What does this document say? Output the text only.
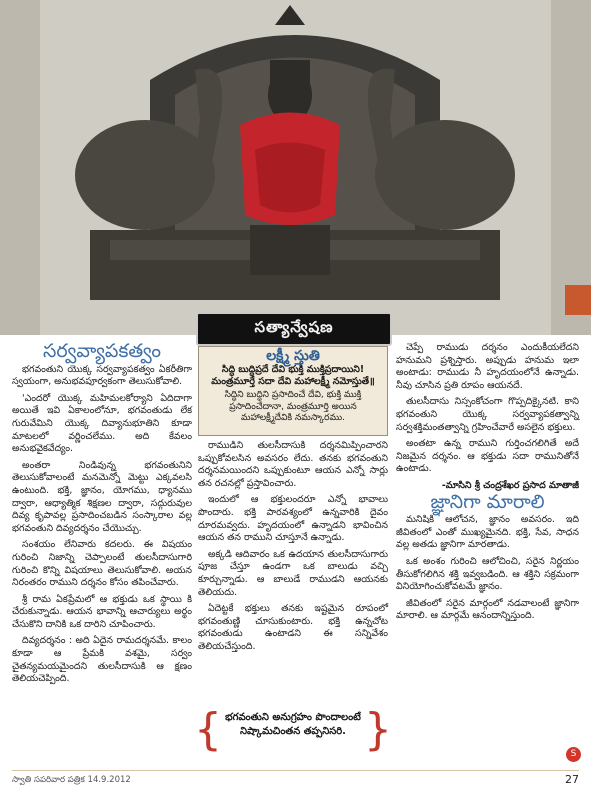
సత్యాన్వేషణ
సర్వవ్యాపకత్వం

భగవంతుని యొక్క సర్వవ్యాపకత్వం ఏకరీతిగా స్వయంగా, అనుభవపూర్వకంగా తెలుసుకోవాలి.

'ఎందరో యొక్క మహిమలకోర్యాని ఏదిదాగా అయితే ఇవి ఏకాలంలోనూ, భగవంతుడు లేక గురువేమిని యొక్క దివ్యానుభూతిని కూడా మాటలలో వర్ణించలేము. అది కేవలం అనుభవైకవేద్యం.

అంతరా నిండివున్న భగవంతునిని తెలుసుకోవాలంటే మనమెన్నో మెట్టు ఎక్కవలసి ఉంటుంది. భక్తి, జ్ఞానం, యోగము, ధ్యానము ద్వారా, ఆధ్యాత్మిక శిక్షణల ద్వారా, సద్గురువుల దివ్య కృపావల్ల ప్రసాదించబడిన సంస్కారాల వల్ల భగవంతుని దివ్యదర్శనం చేయొచ్చు.

సంశయం లేనివారు కదలరు. ఈ విషయం గురించి నిజాన్ని చెప్పాలంటే తులసీదాసుగారి గురించి కొన్ని విషయాలు తెలుసుకోవాలి. అయన నిరంతరం రాముని దర్శనం కోసం తపించేవారు.

శ్రీ రామ ఏకప్రేమలో ఆ భక్తుడు ఒక స్థాయి కి చేరుకున్నాడు. ఆయన భావాన్ని ఆచార్యులు అర్థం చేసుకొని దానికి ఒక దారిని చూపించారు.

దివ్యదర్శనం : అది ఏదైన రామదర్శనమే. కాలం కూడా ఆ ప్రేమకి వశమై, సర్వం చైతన్యమయమైందని తులసీదాసుకి ఆ క్షణం తెలియచెప్పింది.

లక్ష్మీ స్తుతి
సిద్ధి బుద్ధిప్రదే దేవి భుక్తి ముక్తిప్రదాయిని! మంత్రమూర్తే సదా దేవి మహాలక్ష్మీ నమోస్తుతే॥
సిద్ధిని బుద్ధిని ప్రసాదించే దేవి, భుక్తి ముక్తి ప్రసాదించేదానా, మంత్రమూర్తి అయిన మహాలక్ష్మీదేవికి నమస్కారము.

రాముడిని తులసీదాసుకి దర్శనమిప్పించారని ఒప్పుకోవలసిన అవసరం లేదు. తనకు భగవంతుని దర్శనమయిందని ఒప్పుకుంటూ ఆయన ఎన్నో సార్లు తన రచనల్లో ప్రస్తావించారు.

ఇందులో ఆ భక్తులందరూ ఎన్నో భావాలు పొందారు. భక్తి పారవశ్యంలో ఉన్నవారికి దైవం దూరమవ్వదు. హృదయంలో ఉన్నాడని భావించిన ఆయన తన రాముని చూస్తూనే ఉన్నాడు.

అక్కడి ఆదివారం ఒక ఉదయాన తులసీదాసుగారు పూజ చేస్తూ ఉండగా ఒక బాలుడు వచ్చి కూర్చున్నాడు. ఆ బాలుడే రాముడని ఆయనకు తెలియదు.

ఏదెట్టకే భక్తులు తనకు ఇష్టమైన రూపంలో భగవంతుణ్ణి చూసుకుంటారు. భక్తి ఉన్నచోట భగవంతుడు ఉంటాడని ఈ సన్నివేశం తెలియచేస్తుంది.

{ భగవంతుని అనుగ్రహం పొందాలంటే నిష్కామచింతన తప్పనిసరి. }

చెప్పే రాముడు దర్శనం ఎందుకీయలేదని హనుమని ప్రశ్నిస్తారు. అప్పుడు హనుమ ఇలా అంటాడు: రాముడు నీ హృదయంలోనే ఉన్నాడు. నీవు చూసిన ప్రతి రూపం ఆయనదే.

తులసీదాసు నిస్సంకోచంగా గొప్పదిక్కైనటి. కాని భగవంతుని యొక్క సర్వవ్యాపకత్వాన్ని సర్వశక్తిమంతత్వాన్ని గ్రహించేవారే అసలైన భక్తులు.

అంతటా ఉన్న రాముని గుర్తించగలిగితే అదే నిజమైన దర్శనం. ఆ భక్తుడు సదా రామునితోనే ఉంటాడు.

-మాసిని శ్రీ చంద్రశేఖర ప్రసాద మాతాజీ
జ్ఞానిగా మారాలి

మనిషికి ఆలోచన, జ్ఞానం అవసరం. ఇది జీవితంలో ఎంతో ముఖ్యమైనది. భక్తి, సేవ, సాధన వల్ల అతడు జ్ఞానిగా మారతాడు.

ఒక అంశం గురించి ఆలోచించి, సరైన నిర్ణయం తీసుకోగలిగిన శక్తి ఇవ్వబడింది. ఆ శక్తిని సక్రమంగా వినియోగించుకోవటమే జ్ఞానం.

జీవితంలో సరైన మార్గంలో నడవాలంటే జ్ఞానిగా మారాలి. ఆ మార్గమే ఆనందాన్నిస్తుంది.

S
స్వాతి సపరివార పత్రిక 14.9.2012	27
